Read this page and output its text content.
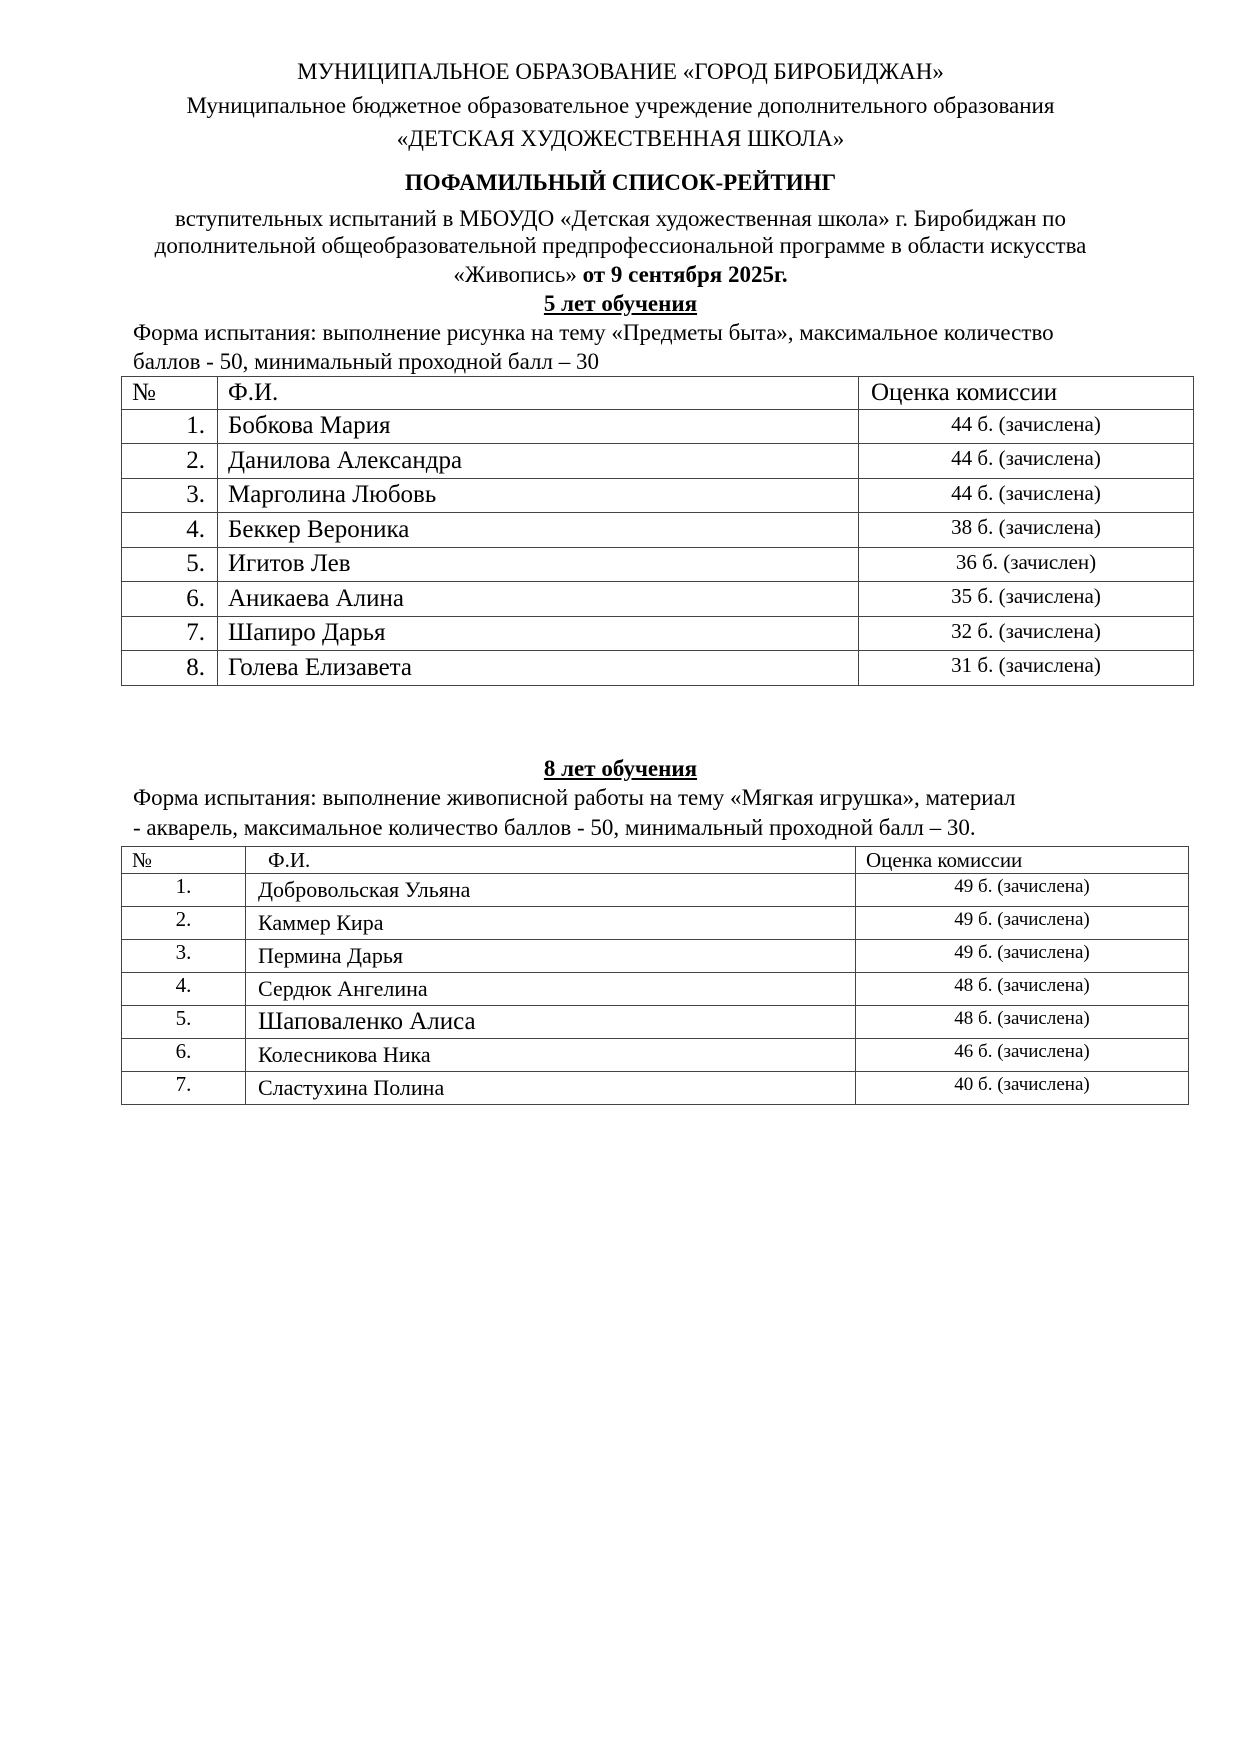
МУНИЦИПАЛЬНОЕ ОБРАЗОВАНИЕ «ГОРОД БИРОБИДЖАН»
Муниципальное бюджетное образовательное учреждение дополнительного образования
«ДЕТСКАЯ ХУДОЖЕСТВЕННАЯ ШКОЛА»
ПОФАМИЛЬНЫЙ СПИСОК-РЕЙТИНГ
вступительных испытаний в МБОУДО «Детская художественная школа» г. Биробиджан по
дополнительной общеобразовательной предпрофессиональной программе в области искусства
«Живопись» от 9 сентября 2025г.
5 лет обучения
Форма испытания: выполнение рисунка на тему «Предметы быта», максимальное количество
баллов - 50, минимальный проходной балл – 30
№	Ф.И.	Оценка комиссии
1.	Бобкова Мария	44 б. (зачислена)
2.	Данилова Александра	44 б. (зачислена)
3.	Марголина Любовь	44 б. (зачислена)
4.	Беккер Вероника	38 б. (зачислена)
5.	Игитов Лев	36 б. (зачислен)
6.	Аникаева Алина	35 б. (зачислена)
7.	Шапиро Дарья	32 б. (зачислена)
8.	Голева Елизавета	31 б. (зачислена)
8 лет обучения
Форма испытания: выполнение живописной работы на тему «Мягкая игрушка», материал
- акварель, максимальное количество баллов - 50, минимальный проходной балл – 30.
№	Ф.И.	Оценка комиссии
1.	Добровольская Ульяна	49 б. (зачислена)
2.	Каммер Кира	49 б. (зачислена)
3.	Пермина Дарья	49 б. (зачислена)
4.	Сердюк Ангелина	48 б. (зачислена)
5.	Шаповаленко Алиса	48 б. (зачислена)
6.	Колесникова Ника	46 б. (зачислена)
7.	Сластухина Полина	40 б. (зачислена)
